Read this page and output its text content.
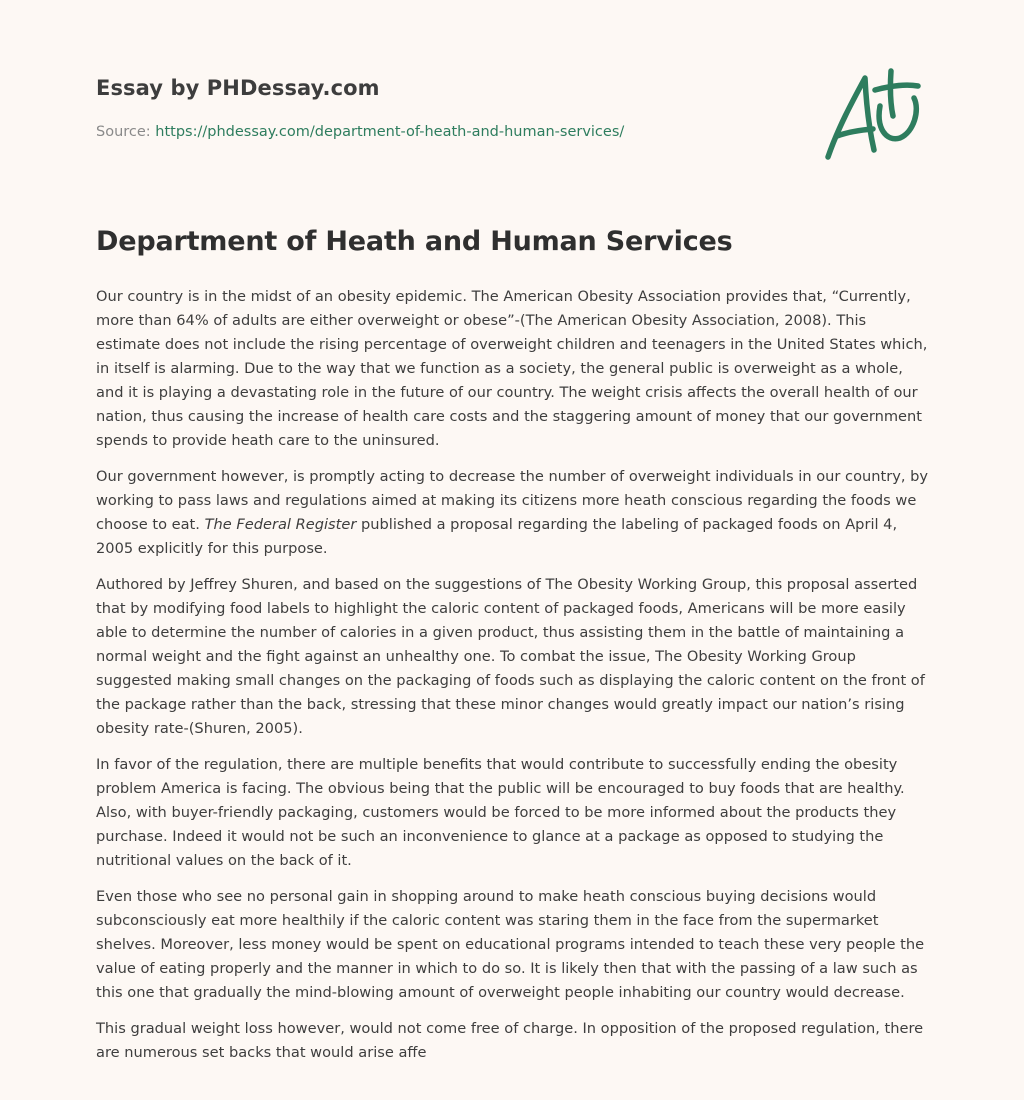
Essay by PHDessay.com
Source: https://phdessay.com/department-of-heath-and-human-services/
Department of Heath and Human Services

Our country is in the midst of an obesity epidemic. The American Obesity Association provides that, “Currently, more than 64% of adults are either overweight or obese”-(The American Obesity Association, 2008). This estimate does not include the rising percentage of overweight children and teenagers in the United States which, in itself is alarming. Due to the way that we function as a society, the general public is overweight as a whole, and it is playing a devastating role in the future of our country. The weight crisis affects the overall health of our nation, thus causing the increase of health care costs and the staggering amount of money that our government spends to provide heath care to the uninsured.

Our government however, is promptly acting to decrease the number of overweight individuals in our country, by working to pass laws and regulations aimed at making its citizens more heath conscious regarding the foods we choose to eat. The Federal Register published a proposal regarding the labeling of packaged foods on April 4, 2005 explicitly for this purpose.

Authored by Jeffrey Shuren, and based on the suggestions of The Obesity Working Group, this proposal asserted that by modifying food labels to highlight the caloric content of packaged foods, Americans will be more easily able to determine the number of calories in a given product, thus assisting them in the battle of maintaining a normal weight and the fight against an unhealthy one. To combat the issue, The Obesity Working Group suggested making small changes on the packaging of foods such as displaying the caloric content on the front of the package rather than the back, stressing that these minor changes would greatly impact our nation’s rising obesity rate-(Shuren, 2005).

In favor of the regulation, there are multiple benefits that would contribute to successfully ending the obesity problem America is facing. The obvious being that the public will be encouraged to buy foods that are healthy. Also, with buyer-friendly packaging, customers would be forced to be more informed about the products they purchase. Indeed it would not be such an inconvenience to glance at a package as opposed to studying the nutritional values on the back of it.

Even those who see no personal gain in shopping around to make heath conscious buying decisions would subconsciously eat more healthily if the caloric content was staring them in the face from the supermarket shelves. Moreover, less money would be spent on educational programs intended to teach these very people the value of eating properly and the manner in which to do so. It is likely then that with the passing of a law such as this one that gradually the mind-blowing amount of overweight people inhabiting our country would decrease.

This gradual weight loss however, would not come free of charge. In opposition of the proposed regulation, there are numerous set backs that would arise affe
